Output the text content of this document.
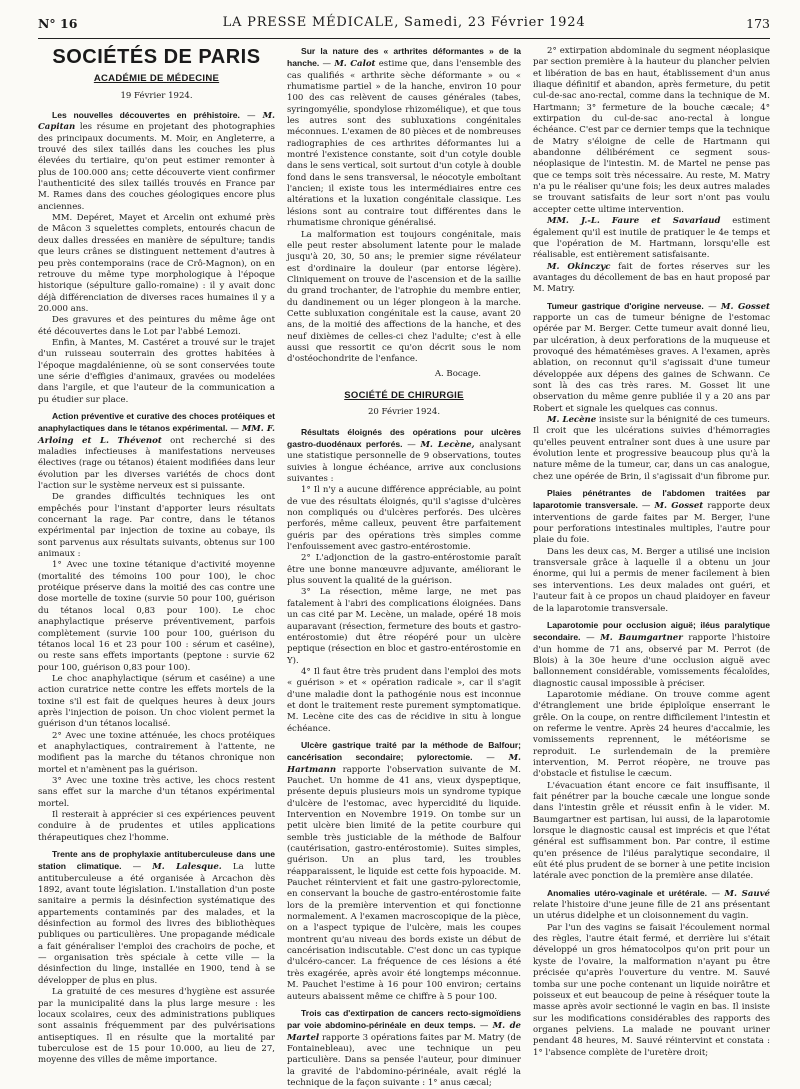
N° 16	LA PRESSE MÉDICALE, Samedi, 23 Février 1924	173
SOCIÉTÉS DE PARIS
ACADÉMIE DE MÉDECINE
19 Février 1924.

Les nouvelles découvertes en préhistoire. — M. Capitan les résume en projetant des photographies des principaux documents. M. Moir, en Angleterre, a trouvé des silex taillés dans les couches les plus élevées du tertiaire, qu'on peut estimer remonter à plus de 100.000 ans; cette découverte vient confirmer l'authenticité des silex taillés trouvés en France par M. Rames dans des couches géologiques encore plus anciennes.

MM. Depéret, Mayet et Arcelin ont exhumé près de Mâcon 3 squelettes complets, entourés chacun de deux dalles dressées en manière de sépulture; tandis que leurs crânes se distinguent nettement d'autres à peu près contemporains (race de Crô-Magnon), on en retrouve du même type morphologique à l'époque historique (sépulture gallo-romaine) : il y avait donc déjà différenciation de diverses races humaines il y a 20.000 ans.

Des gravures et des peintures du même âge ont été découvertes dans le Lot par l'abbé Lemozi.

Enfin, à Mantes, M. Castéret a trouvé sur le trajet d'un ruisseau souterrain des grottes habitées à l'époque magdalénienne, où se sont conservées toute une série d'effigies d'animaux, gravées ou modelées dans l'argile, et que l'auteur de la communication a pu étudier sur place.

Action préventive et curative des choces protéiques et anaphylactiques dans le tétanos expérimental. — MM. F. Arloing et L. Thévenot ont recherché si des maladies infectieuses à manifestations nerveuses électives (rage ou tétanos) étaient modifiées dans leur évolution par les diverses variétés de chocs dont l'action sur le système nerveux est si puissante.

De grandes difficultés techniques les ont empêchés pour l'instant d'apporter leurs résultats concernant la rage. Par contre, dans le tétanos expérimental par injection de toxine au cobaye, ils sont parvenus aux résultats suivants, obtenus sur 100 animaux :

1° Avec une toxine tétanique d'activité moyenne (mortalité des témoins 100 pour 100), le choc protéique préserve dans la moitié des cas contre une dose mortelle de toxine (survie 50 pour 100, guérison du tétanos local 0,83 pour 100). Le choc anaphylactique préserve préventivement, parfois complètement (survie 100 pour 100, guérison du tétanos local 16 et 23 pour 100 : sérum et caséine), ou reste sans effets importants (peptone : survie 62 pour 100, guérison 0,83 pour 100).

Le choc anaphylactique (sérum et caséine) a une action curatrice nette contre les effets mortels de la toxine s'il est fait de quelques heures à deux jours après l'injection de poison. Un choc violent permet la guérison d'un tétanos localisé.

2° Avec une toxine atténuée, les chocs protéiques et anaphylactiques, contrairement à l'attente, ne modifient pas la marche du tétanos chronique non mortel et n'amènent pas la guérison.

3° Avec une toxine très active, les chocs restent sans effet sur la marche d'un tétanos expérimental mortel.

Il resterait à apprécier si ces expériences peuvent conduire à de prudentes et utiles applications thérapeutiques chez l'homme.

Trente ans de prophylaxie antituberculeuse dans une station climatique. — M. Lalesque. La lutte antituberculeuse a été organisée à Arcachon dès 1892, avant toute législation. L'installation d'un poste sanitaire a permis la désinfection systématique des appartements contaminés par des malades, et la désinfection au formol des livres des bibliothèques publiques ou particulières. Une propagande médicale a fait généraliser l'emploi des crachoirs de poche, et — organisation très spéciale à cette ville — la désinfection du linge, installée en 1900, tend à se développer de plus en plus.

La gratuité de ces mesures d'hygiène est assurée par la municipalité dans la plus large mesure : les locaux scolaires, ceux des administrations publiques sont assainis fréquemment par des pulvérisations antiseptiques. Il en résulte que la mortalité par tuberculose est de 15 pour 10.000, au lieu de 27, moyenne des villes de même importance.

Sur la nature des « arthrites déformantes » de la hanche. — M. Calot estime que, dans l'ensemble des cas qualifiés « arthrite sèche déformante » ou « rhumatisme partiel » de la hanche, environ 10 pour 100 des cas relèvent de causes générales (tabes, syringomyélie, spondylose rhizomélique), et que tous les autres sont des subluxations congénitales méconnues. L'examen de 80 pièces et de nombreuses radiographies de ces arthrites déformantes lui a montré l'existence constante, soit d'un cotyle double dans le sens vertical, soit surtout d'un cotyle à double fond dans le sens transversal, le néocotyle emboîtant l'ancien; il existe tous les intermédiaires entre ces altérations et la luxation congénitale classique. Les lésions sont au contraire tout différentes dans le rhumatisme chronique généralisé.

La malformation est toujours congénitale, mais elle peut rester absolument latente pour le malade jusqu'à 20, 30, 50 ans; le premier signe révélateur est d'ordinaire la douleur (par entorse légère). Cliniquement on trouve de l'ascension et de la saillie du grand trochanter, de l'atrophie du membre entier, du dandinement ou un léger plongeon à la marche. Cette subluxation congénitale est la cause, avant 20 ans, de la moitié des affections de la hanche, et des neuf dixièmes de celles-ci chez l'adulte; c'est à elle aussi que ressortit ce qu'on décrit sous le nom d'ostéochondrite de l'enfance.

A. Bocage.
SOCIÉTÉ DE CHIRURGIE
20 Février 1924.

Résultats éloignés des opérations pour ulcères gastro-duodénaux perforés. — M. Lecène, analysant une statistique personnelle de 9 observations, toutes suivies à longue échéance, arrive aux conclusions suivantes :

1° Il n'y a aucune différence appréciable, au point de vue des résultats éloignés, qu'il s'agisse d'ulcères non compliqués ou d'ulcères perforés. Des ulcères perforés, même calleux, peuvent être parfaitement guéris par des opérations très simples comme l'enfouissement avec gastro-entérostomie.

2° L'adjonction de la gastro-entérostomie paraît être une bonne manœuvre adjuvante, améliorant le plus souvent la qualité de la guérison.

3° La résection, même large, ne met pas fatalement à l'abri des complications éloignées. Dans un cas cité par M. Lecène, un malade, opéré 18 mois auparavant (résection, fermeture des bouts et gastro-entérostomie) dut être réopéré pour un ulcère peptique (résection en bloc et gastro-entérostomie en Y).

4° Il faut être très prudent dans l'emploi des mots « guérison » et « opération radicale », car il s'agit d'une maladie dont la pathogénie nous est inconnue et dont le traitement reste purement symptomatique. M. Lecène cite des cas de récidive in situ à longue échéance.

Ulcère gastrique traité par la méthode de Balfour; cancérisation secondaire; pylorectomie. — M. Hartmann rapporte l'observation suivante de M. Pauchet. Un homme de 41 ans, vieux dyspeptique, présente depuis plusieurs mois un syndrome typique d'ulcère de l'estomac, avec hypercidité du liquide. Intervention en Novembre 1919. On tombe sur un petit ulcère bien limité de la petite courbure qui semble très justiciable de la méthode de Balfour (cautérisation, gastro-entérostomie). Suites simples, guérison. Un an plus tard, les troubles réapparaissent, le liquide est cette fois hypoacide. M. Pauchet réintervient et fait une gastro-pylorectomie, en conservant la bouche de gastro-entérostomie faite lors de la première intervention et qui fonctionne normalement. A l'examen macroscopique de la pièce, on a l'aspect typique de l'ulcère, mais les coupes montrent qu'au niveau des bords existe un début de cancérisation indiscutable. C'est donc un cas typique d'ulcéro-cancer. La fréquence de ces lésions a été très exagérée, après avoir été longtemps méconnue. M. Pauchet l'estime à 16 pour 100 environ; certains auteurs abaissent même ce chiffre à 5 pour 100.

Trois cas d'extirpation de cancers recto-sigmoïdiens par voie abdomino-périnéale en deux temps. — M. de Martel rapporte 3 opérations faites par M. Matry (de Fontainebleau), avec une technique un peu particulière. Dans sa pensée l'auteur, pour diminuer la gravité de l'abdomino-périnéale, avait réglé la technique de la façon suivante : 1° anus cæcal;

2° extirpation abdominale du segment néoplasique par section première à la hauteur du plancher pelvien et libération de bas en haut, établissement d'un anus iliaque définitif et abandon, après fermeture, du petit cul-de-sac ano-rectal, comme dans la technique de M. Hartmann; 3° fermeture de la bouche cæcale; 4° extirpation du cul-de-sac ano-rectal à longue échéance. C'est par ce dernier temps que la technique de Matry s'éloigne de celle de Hartmann qui abandonne délibérément ce segment sous-néoplasique de l'intestin. M. de Martel ne pense pas que ce temps soit très nécessaire. Au reste, M. Matry n'a pu le réaliser qu'une fois; les deux autres malades se trouvant satisfaits de leur sort n'ont pas voulu accepter cette ultime intervention.

MM. J.-L. Faure et Savariaud estiment également qu'il est inutile de pratiquer le 4e temps et que l'opération de M. Hartmann, lorsqu'elle est réalisable, est entièrement satisfaisante.

M. Okinczyc fait de fortes réserves sur les avantages du décollement de bas en haut proposé par M. Matry.

Tumeur gastrique d'origine nerveuse. — M. Gosset rapporte un cas de tumeur bénigne de l'estomac opérée par M. Berger. Cette tumeur avait donné lieu, par ulcération, à deux perforations de la muqueuse et provoqué des hématémèses graves. A l'examen, après ablation, on reconnut qu'il s'agissait d'une tumeur développée aux dépens des gaines de Schwann. Ce sont là des cas très rares. M. Gosset lit une observation du même genre publiée il y a 20 ans par Robert et signale les quelques cas connus.

M. Lecène insiste sur la bénignité de ces tumeurs. Il croit que les ulcérations suivies d'hémorragies qu'elles peuvent entraîner sont dues à une usure par évolution lente et progressive beaucoup plus qu'à la nature même de la tumeur, car, dans un cas analogue, chez une opérée de Brin, il s'agissait d'un fibrome pur.

Plaies pénétrantes de l'abdomen traitées par laparotomie transversale. — M. Gosset rapporte deux interventions de garde faites par M. Berger, l'une pour perforations intestinales multiples, l'autre pour plaie du foie.

Dans les deux cas, M. Berger a utilisé une incision transversale grâce à laquelle il a obtenu un jour énorme, qui lui a permis de mener facilement à bien ses interventions. Les deux malades ont guéri, et l'auteur fait à ce propos un chaud plaidoyer en faveur de la laparotomie transversale.

Laparotomie pour occlusion aiguë; iléus paralytique secondaire. — M. Baumgartner rapporte l'histoire d'un homme de 71 ans, observé par M. Perrot (de Blois) à la 30e heure d'une occlusion aiguë avec ballonnement considérable, vomissements fécaloïdes, diagnostic causal impossible à préciser.

Laparotomie médiane. On trouve comme agent d'étranglement une bride épiploïque enserrant le grêle. On la coupe, on rentre difficilement l'intestin et on referme le ventre. Après 24 heures d'accalmie, les vomissements reprennent, le météorisme se reproduit. Le surlendemain de la première intervention, M. Perrot réopère, ne trouve pas d'obstacle et fistulise le cæcum.

L'évacuation étant encore ce fait insuffisante, il fait pénétrer par la bouche cæcale une longue sonde dans l'intestin grêle et réussit enfin à le vider. M. Baumgartner est partisan, lui aussi, de la laparotomie lorsque le diagnostic causal est imprécis et que l'état général est suffisamment bon. Par contre, il estime qu'en présence de l'iléus paralytique secondaire, il eût été plus prudent de se borner à une petite incision latérale avec ponction de la première anse dilatée.

Anomalies utéro-vaginale et urétérale. — M. Sauvé relate l'histoire d'une jeune fille de 21 ans présentant un utérus didelphe et un cloisonnement du vagin.

Par l'un des vagins se faisait l'écoulement normal des règles, l'autre était fermé, et derrière lui s'était développé un gros hématocolpos qu'on prit pour un kyste de l'ovaire, la malformation n'ayant pu être précisée qu'après l'ouverture du ventre. M. Sauvé tomba sur une poche contenant un liquide noirâtre et poisseux et eut beaucoup de peine à réséquer toute la masse après avoir sectionné le vagin en bas. Il insiste sur les modifications considérables des rapports des organes pelviens. La malade ne pouvant uriner pendant 48 heures, M. Sauvé réintervint et constata : 1° l'absence complète de l'uretère droit;
